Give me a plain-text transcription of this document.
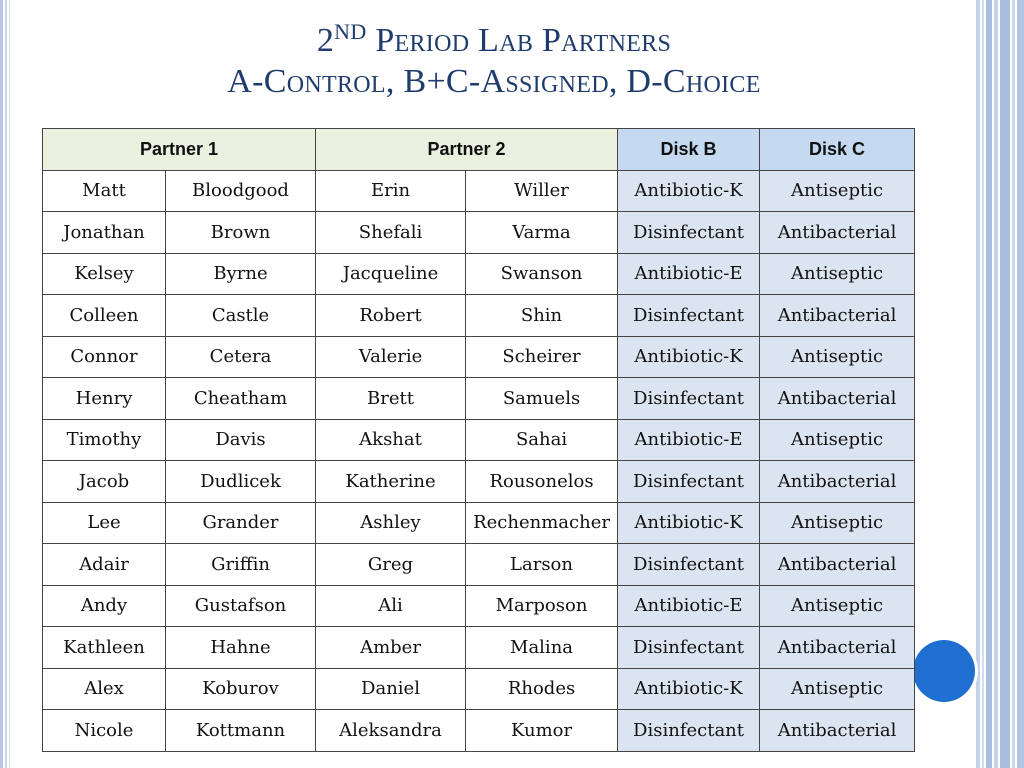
2ND Period Lab Partners
A-Control, B+C-Assigned, D-Choice
Partner 1		Partner 2		Disk B	Disk C
Matt	Bloodgood	Erin	Willer	Antibiotic-K	Antiseptic
Jonathan	Brown	Shefali	Varma	Disinfectant	Antibacterial
Kelsey	Byrne	Jacqueline	Swanson	Antibiotic-E	Antiseptic
Colleen	Castle	Robert	Shin	Disinfectant	Antibacterial
Connor	Cetera	Valerie	Scheirer	Antibiotic-K	Antiseptic
Henry	Cheatham	Brett	Samuels	Disinfectant	Antibacterial
Timothy	Davis	Akshat	Sahai	Antibiotic-E	Antiseptic
Jacob	Dudlicek	Katherine	Rousonelos	Disinfectant	Antibacterial
Lee	Grander	Ashley	Rechenmacher	Antibiotic-K	Antiseptic
Adair	Griffin	Greg	Larson	Disinfectant	Antibacterial
Andy	Gustafson	Ali	Marposon	Antibiotic-E	Antiseptic
Kathleen	Hahne	Amber	Malina	Disinfectant	Antibacterial
Alex	Koburov	Daniel	Rhodes	Antibiotic-K	Antiseptic
Nicole	Kottmann	Aleksandra	Kumor	Disinfectant	Antibacterial
